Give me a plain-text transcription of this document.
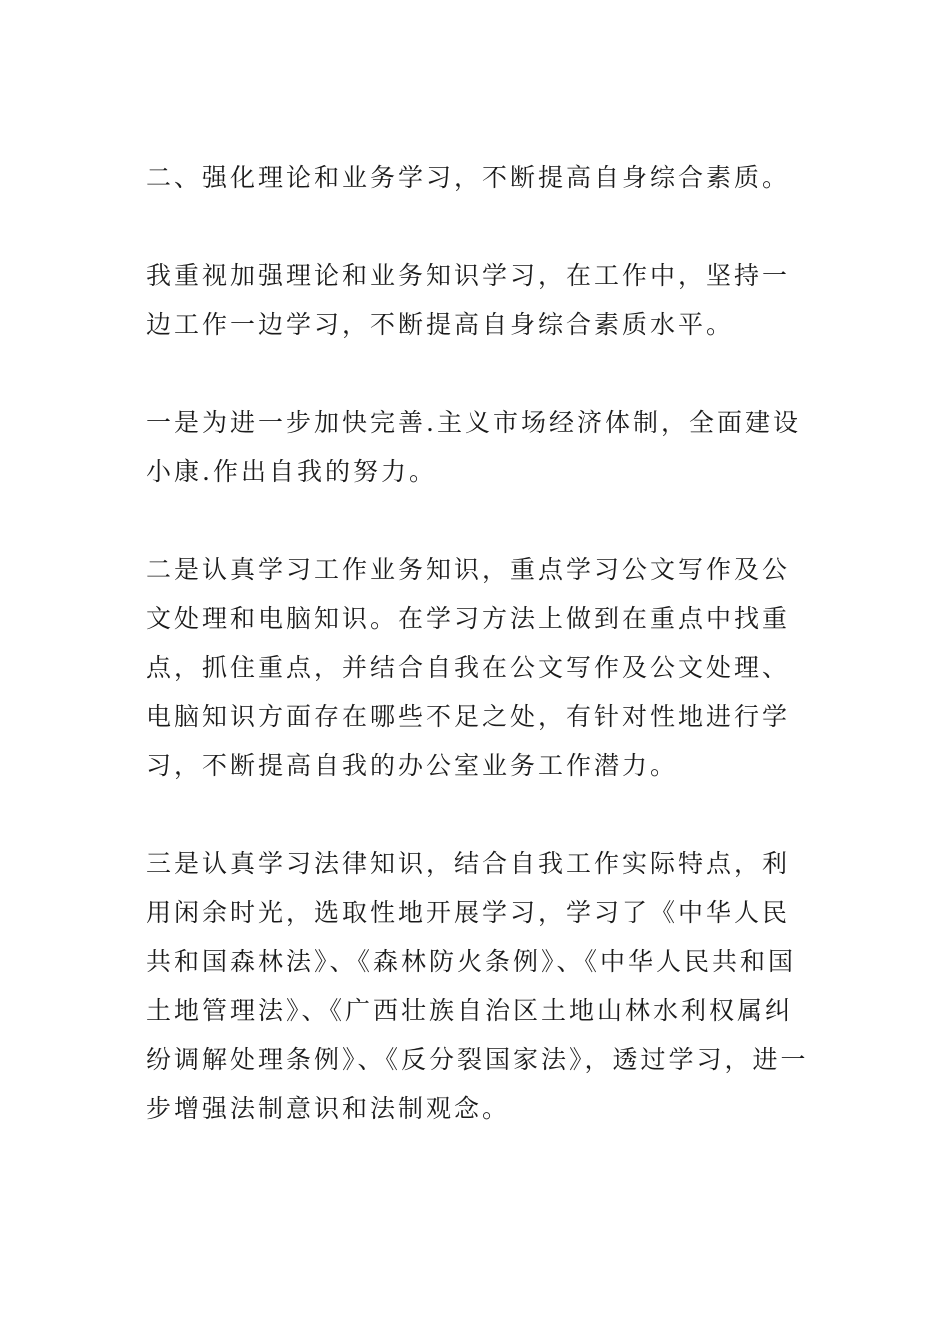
二、强化理论和业务学习，不断提高自身综合素质。

我重视加强理论和业务知识学习，在工作中，坚持一边工作一边学习，不断提高自身综合素质水平。

一是为进一步加快完善.主义市场经济体制，全面建设小康.作出自我的努力。

二是认真学习工作业务知识，重点学习公文写作及公文处理和电脑知识。在学习方法上做到在重点中找重点，抓住重点，并结合自我在公文写作及公文处理、电脑知识方面存在哪些不足之处，有针对性地进行学习，不断提高自我的办公室业务工作潜力。

三是认真学习法律知识，结合自我工作实际特点，利用闲余时光，选取性地开展学习，学习了《中华人民共和国森林法》、《森林防火条例》、《中华人民共和国土地管理法》、《广西壮族自治区土地山林水利权属纠纷调解处理条例》、《反分裂国家法》，透过学习，进一步增强法制意识和法制观念。
